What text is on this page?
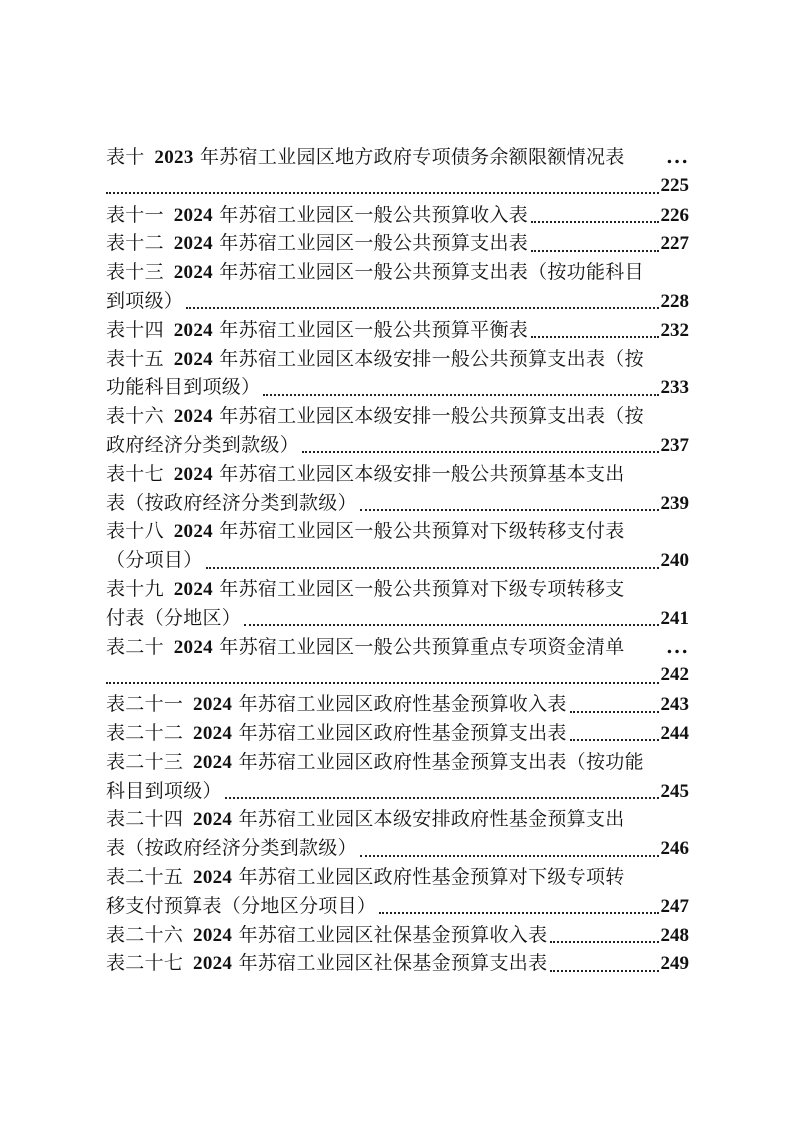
表十  2023 年苏宿工业园区地方政府专项债务余额限额情况表	...
225
表十一  2024 年苏宿工业园区一般公共预算收入表	226
表十二  2024 年苏宿工业园区一般公共预算支出表	227
表十三  2024 年苏宿工业园区一般公共预算支出表（按功能科目
到项级）	228
表十四  2024 年苏宿工业园区一般公共预算平衡表	232
表十五  2024 年苏宿工业园区本级安排一般公共预算支出表（按
功能科目到项级）	233
表十六  2024 年苏宿工业园区本级安排一般公共预算支出表（按
政府经济分类到款级）	237
表十七  2024 年苏宿工业园区本级安排一般公共预算基本支出
表（按政府经济分类到款级）	239
表十八  2024 年苏宿工业园区一般公共预算对下级转移支付表
（分项目）	240
表十九  2024 年苏宿工业园区一般公共预算对下级专项转移支
付表（分地区）	241
表二十  2024 年苏宿工业园区一般公共预算重点专项资金清单	...
242
表二十一  2024 年苏宿工业园区政府性基金预算收入表	243
表二十二  2024 年苏宿工业园区政府性基金预算支出表	244
表二十三  2024 年苏宿工业园区政府性基金预算支出表（按功能
科目到项级）	245
表二十四  2024 年苏宿工业园区本级安排政府性基金预算支出
表（按政府经济分类到款级）	246
表二十五  2024 年苏宿工业园区政府性基金预算对下级专项转
移支付预算表（分地区分项目）	247
表二十六  2024 年苏宿工业园区社保基金预算收入表	248
表二十七  2024 年苏宿工业园区社保基金预算支出表	249
